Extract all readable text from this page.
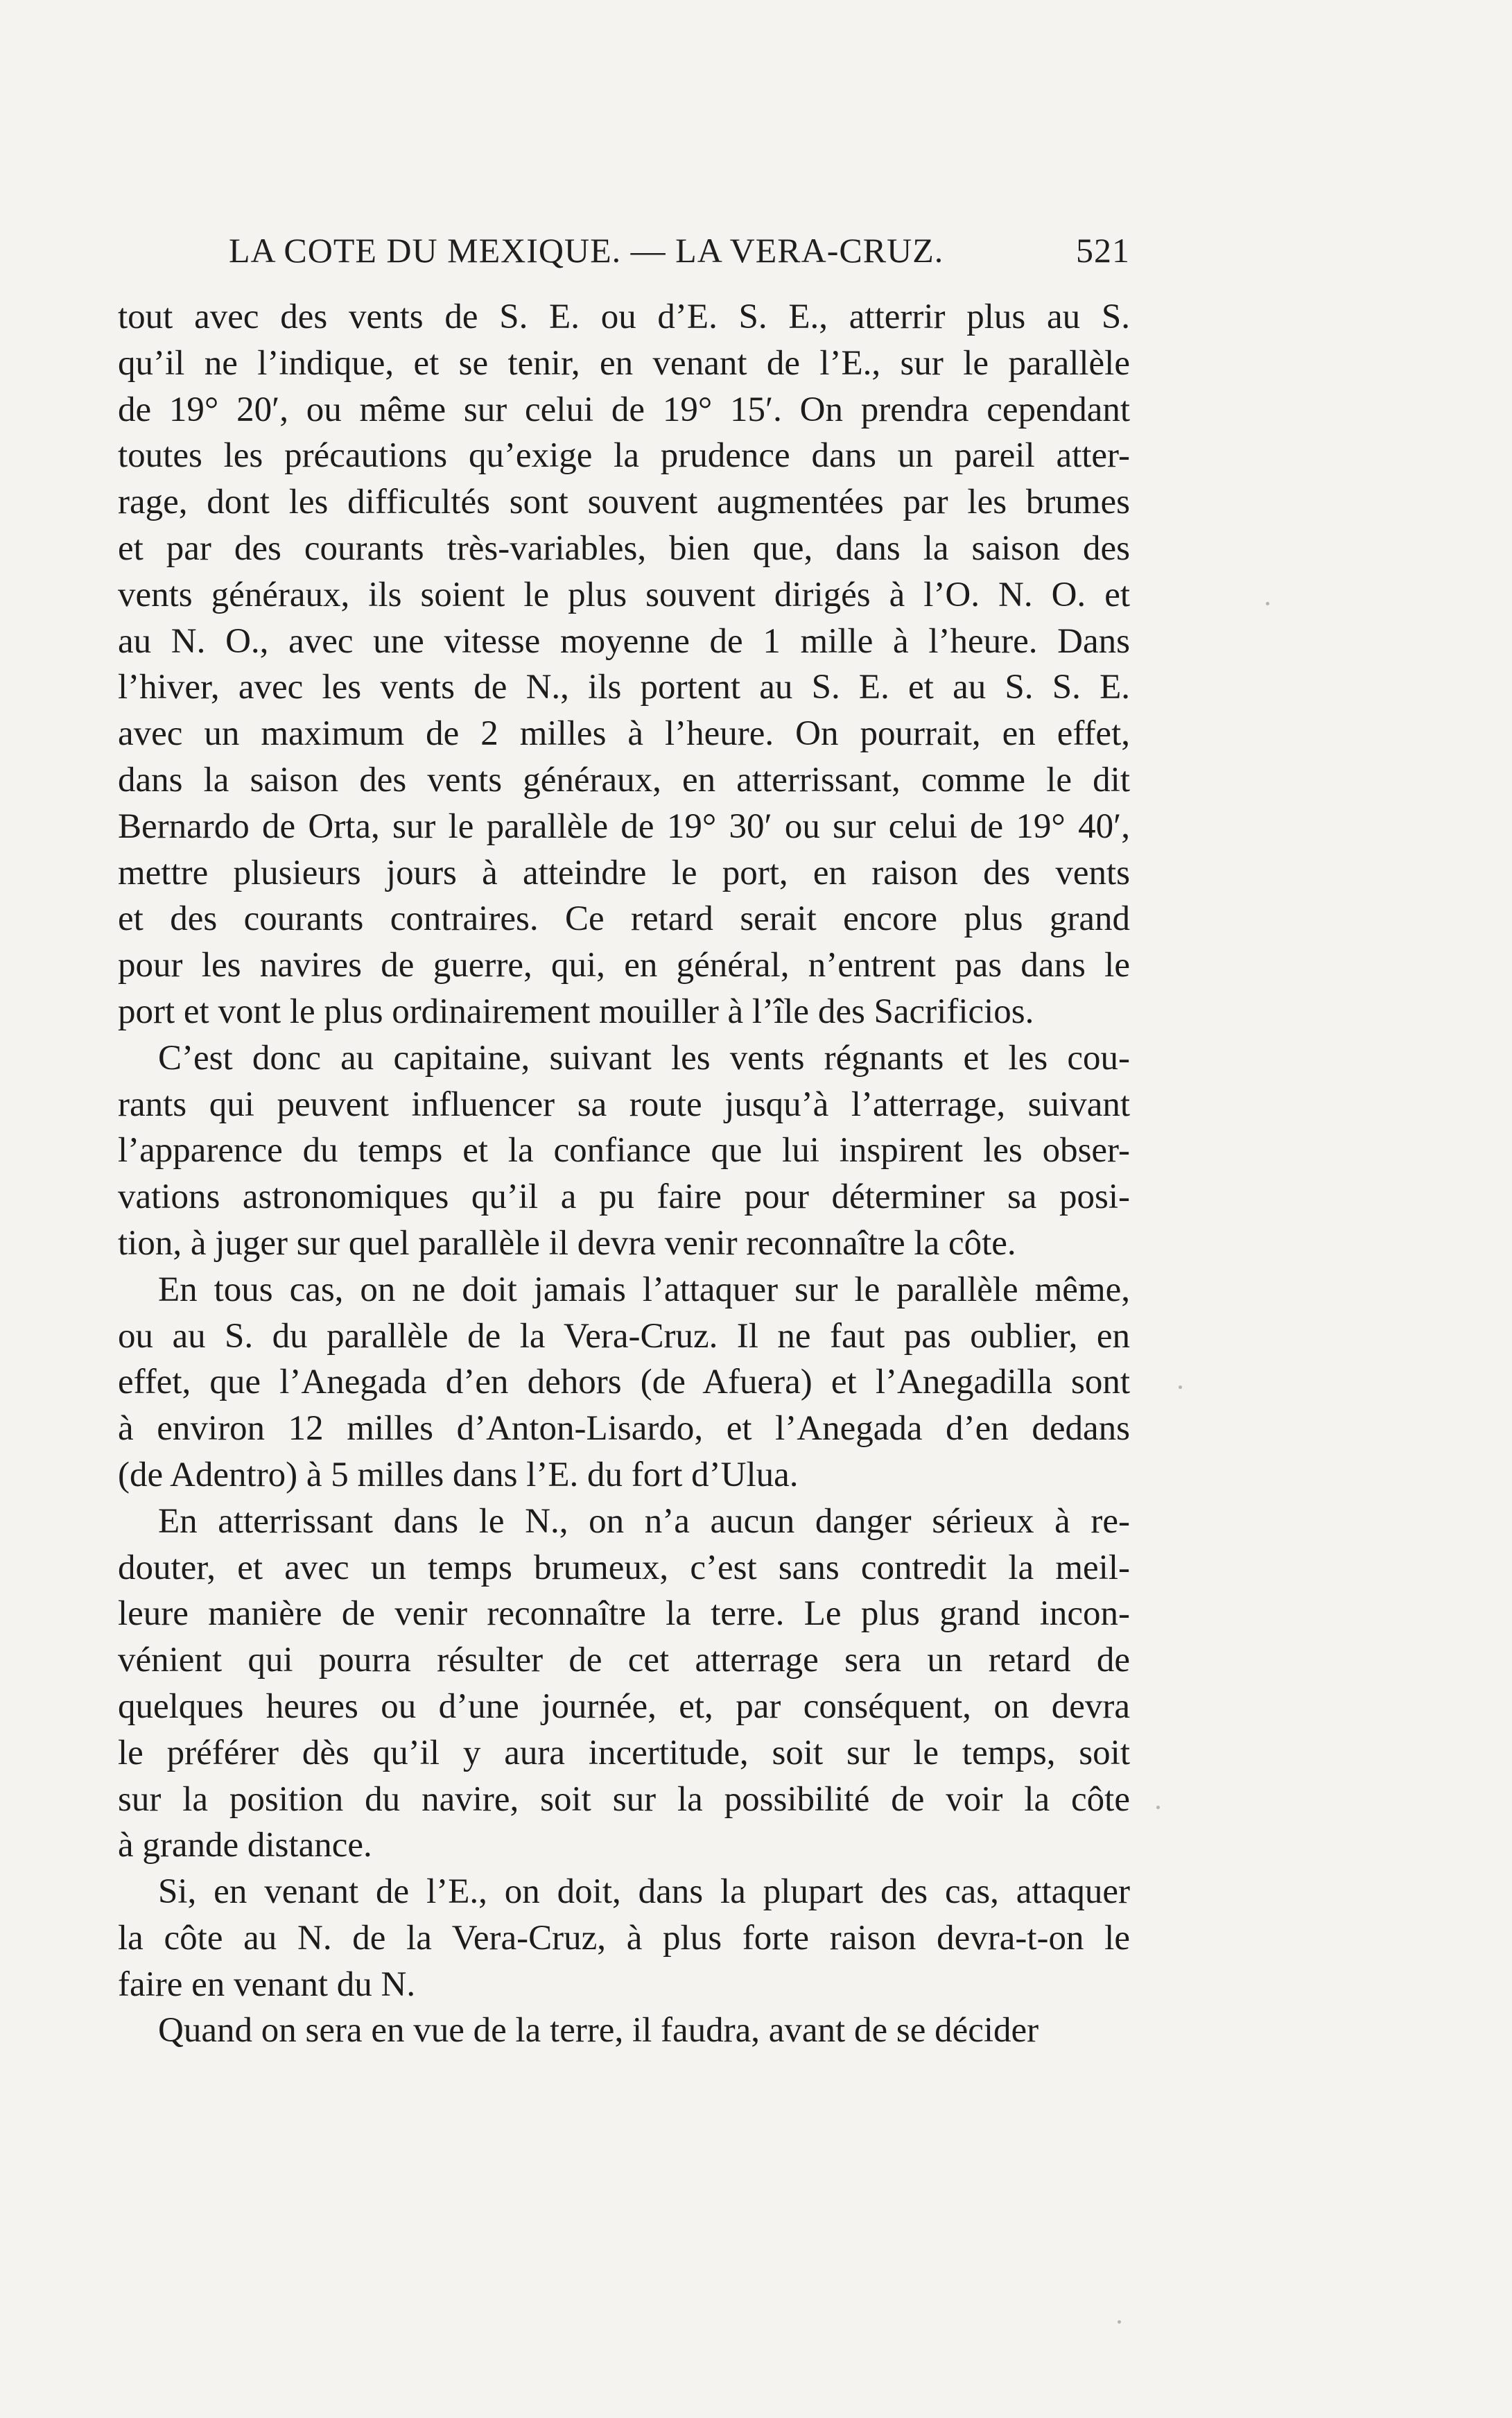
LA COTE DU MEXIQUE. — LA VERA-CRUZ.	521
tout avec des vents de S. E. ou d’E. S. E., atterrir plus au S.
qu’il ne l’indique, et se tenir, en venant de l’E., sur le parallèle
de 19° 20′, ou même sur celui de 19° 15′. On prendra cependant
toutes les précautions qu’exige la prudence dans un pareil atter-
rage, dont les difficultés sont souvent augmentées par les brumes
et par des courants très-variables, bien que, dans la saison des
vents généraux, ils soient le plus souvent dirigés à l’O. N. O. et
au N. O., avec une vitesse moyenne de 1 mille à l’heure. Dans
l’hiver, avec les vents de N., ils portent au S. E. et au S. S. E.
avec un maximum de 2 milles à l’heure. On pourrait, en effet,
dans la saison des vents généraux, en atterrissant, comme le dit
Bernardo de Orta, sur le parallèle de 19° 30′ ou sur celui de 19° 40′,
mettre plusieurs jours à atteindre le port, en raison des vents
et des courants contraires. Ce retard serait encore plus grand
pour les navires de guerre, qui, en général, n’entrent pas dans le
port et vont le plus ordinairement mouiller à l’île des Sacrificios.
C’est donc au capitaine, suivant les vents régnants et les cou-
rants qui peuvent influencer sa route jusqu’à l’atterrage, suivant
l’apparence du temps et la confiance que lui inspirent les obser-
vations astronomiques qu’il a pu faire pour déterminer sa posi-
tion, à juger sur quel parallèle il devra venir reconnaître la côte.
En tous cas, on ne doit jamais l’attaquer sur le parallèle même,
ou au S. du parallèle de la Vera-Cruz. Il ne faut pas oublier, en
effet, que l’Anegada d’en dehors (de Afuera) et l’Anegadilla sont
à environ 12 milles d’Anton-Lisardo, et l’Anegada d’en dedans
(de Adentro) à 5 milles dans l’E. du fort d’Ulua.
En atterrissant dans le N., on n’a aucun danger sérieux à re-
douter, et avec un temps brumeux, c’est sans contredit la meil-
leure manière de venir reconnaître la terre. Le plus grand incon-
vénient qui pourra résulter de cet atterrage sera un retard de
quelques heures ou d’une journée, et, par conséquent, on devra
le préférer dès qu’il y aura incertitude, soit sur le temps, soit
sur la position du navire, soit sur la possibilité de voir la côte
à grande distance.
Si, en venant de l’E., on doit, dans la plupart des cas, attaquer
la côte au N. de la Vera-Cruz, à plus forte raison devra-t-on le
faire en venant du N.
Quand on sera en vue de la terre, il faudra, avant de se décider
